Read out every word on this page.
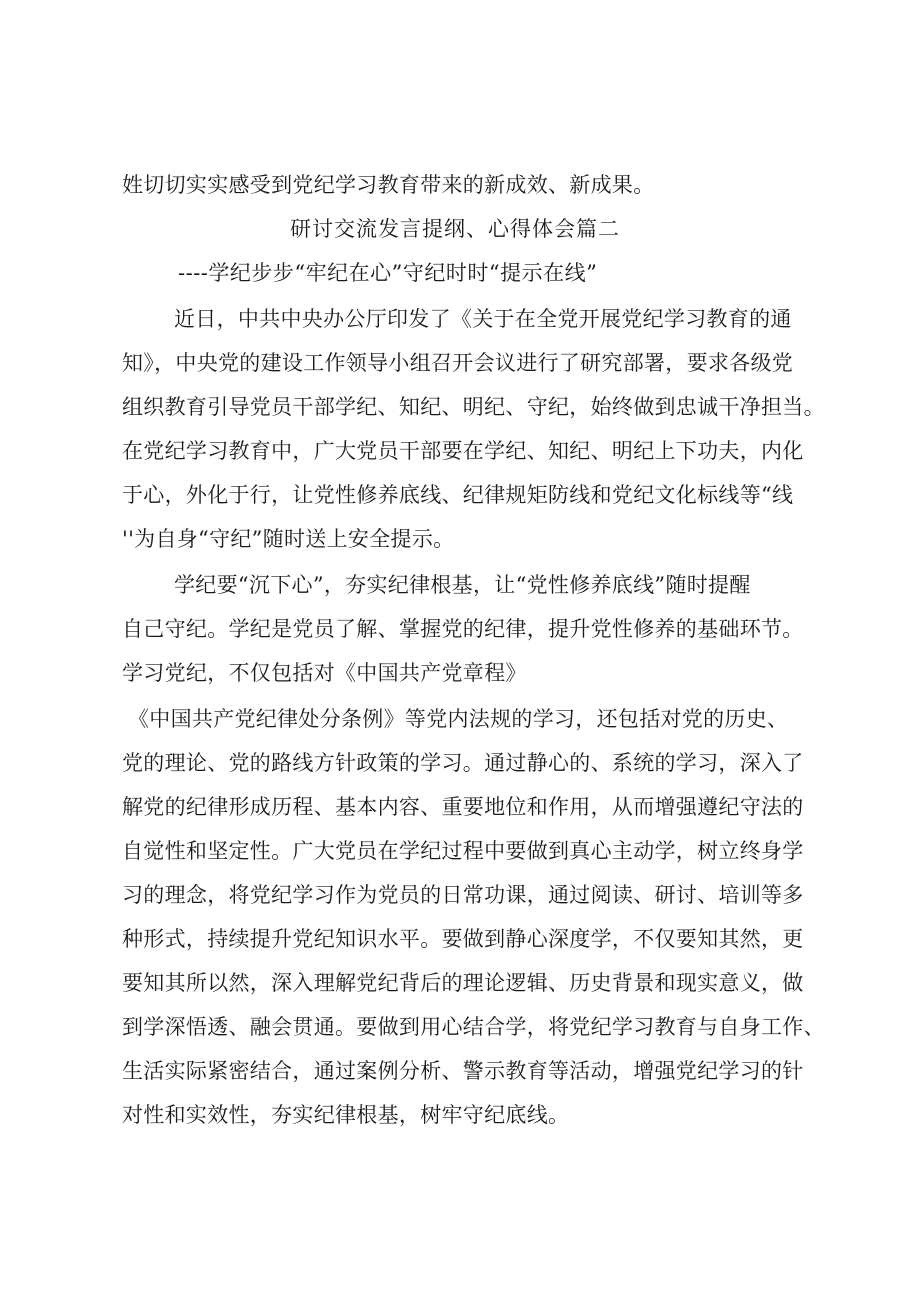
姓切切实实感受到党纪学习教育带来的新成效、新成果。
研讨交流发言提纲、心得体会篇二
----学纪步步“牢纪在心”守纪时时“提示在线”
近日，中共中央办公厅印发了《关于在全党开展党纪学习教育的通
知》，中央党的建设工作领导小组召开会议进行了研究部署，要求各级党
组织教育引导党员干部学纪、知纪、明纪、守纪，始终做到忠诚干净担当。
在党纪学习教育中，广大党员干部要在学纪、知纪、明纪上下功夫，内化
于心，外化于行，让党性修养底线、纪律规矩防线和党纪文化标线等“线
''为自身“守纪”随时送上安全提示。
学纪要“沉下心”，夯实纪律根基，让“党性修养底线”随时提醒
自己守纪。学纪是党员了解、掌握党的纪律，提升党性修养的基础环节。
学习党纪，不仅包括对《中国共产党章程》
《中国共产党纪律处分条例》等党内法规的学习，还包括对党的历史、
党的理论、党的路线方针政策的学习。通过静心的、系统的学习，深入了
解党的纪律形成历程、基本内容、重要地位和作用，从而增强遵纪守法的
自觉性和坚定性。广大党员在学纪过程中要做到真心主动学，树立终身学
习的理念，将党纪学习作为党员的日常功课，通过阅读、研讨、培训等多
种形式，持续提升党纪知识水平。要做到静心深度学，不仅要知其然，更
要知其所以然，深入理解党纪背后的理论逻辑、历史背景和现实意义，做
到学深悟透、融会贯通。要做到用心结合学，将党纪学习教育与自身工作、
生活实际紧密结合，通过案例分析、警示教育等活动，增强党纪学习的针
对性和实效性，夯实纪律根基，树牢守纪底线。
